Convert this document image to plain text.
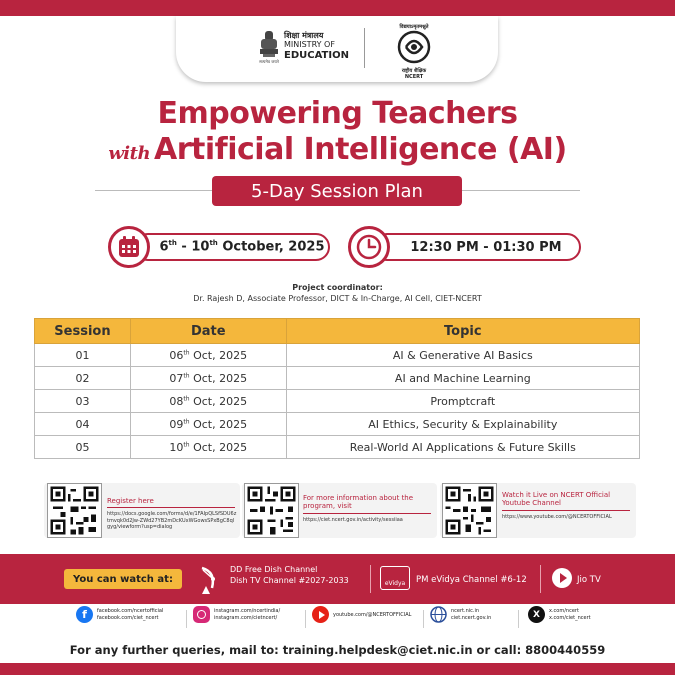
सत्यमेव जयते
शिक्षा मंत्रालय
MINISTRY OF
EDUCATION
विद्ययाऽमृतमश्नुते
राष्ट्रीय शैक्षिक
NCERT
Empowering Teachers
with Artificial Intelligence (AI)
5-Day Session Plan
6th - 10th October, 2025	12:30 PM - 01:30 PM
Project coordinator:
Dr. Rajesh D, Associate Professor, DICT & In-Charge, AI Cell, CIET-NCERT
Session	Date	Topic
01	06th Oct, 2025	AI & Generative AI Basics
02	07th Oct, 2025	AI and Machine Learning
03	08th Oct, 2025	Promptcraft
04	09th Oct, 2025	AI Ethics, Security & Explainability
05	10th Oct, 2025	Real-World AI Applications & Future Skills
Register here
https://docs.google.com/forms/d/e/1FAIpQLSfSDU6ztmvqk0d2Jw-ZWd27YB2mDcKUxWGowsSPxBgC8qlgyg/viewform?usp=dialog
For more information about the program, visit
https://ciet.ncert.gov.in/activity/sessiiaa
Watch it Live on NCERT Official Youtube Channel
https://www.youtube.com/@NCERTOFFICIAL
You can watch at:
DD Free Dish Channel
Dish TV Channel #2027-2033	eVidya	PM eVidya Channel #6-12	Jio TV
f	facebook.com/ncertofficial
facebook.com/ciet_ncert
instagram.com/ncertindia/
instagram.com/cietncert/	youtube.com/@NCERTOFFICIAL
ncert.nic.in
ciet.ncert.gov.in	X	x.com/ncert
x.com/ciet_ncert
For any further queries, mail to: training.helpdesk@ciet.nic.in or call: 8800440559
